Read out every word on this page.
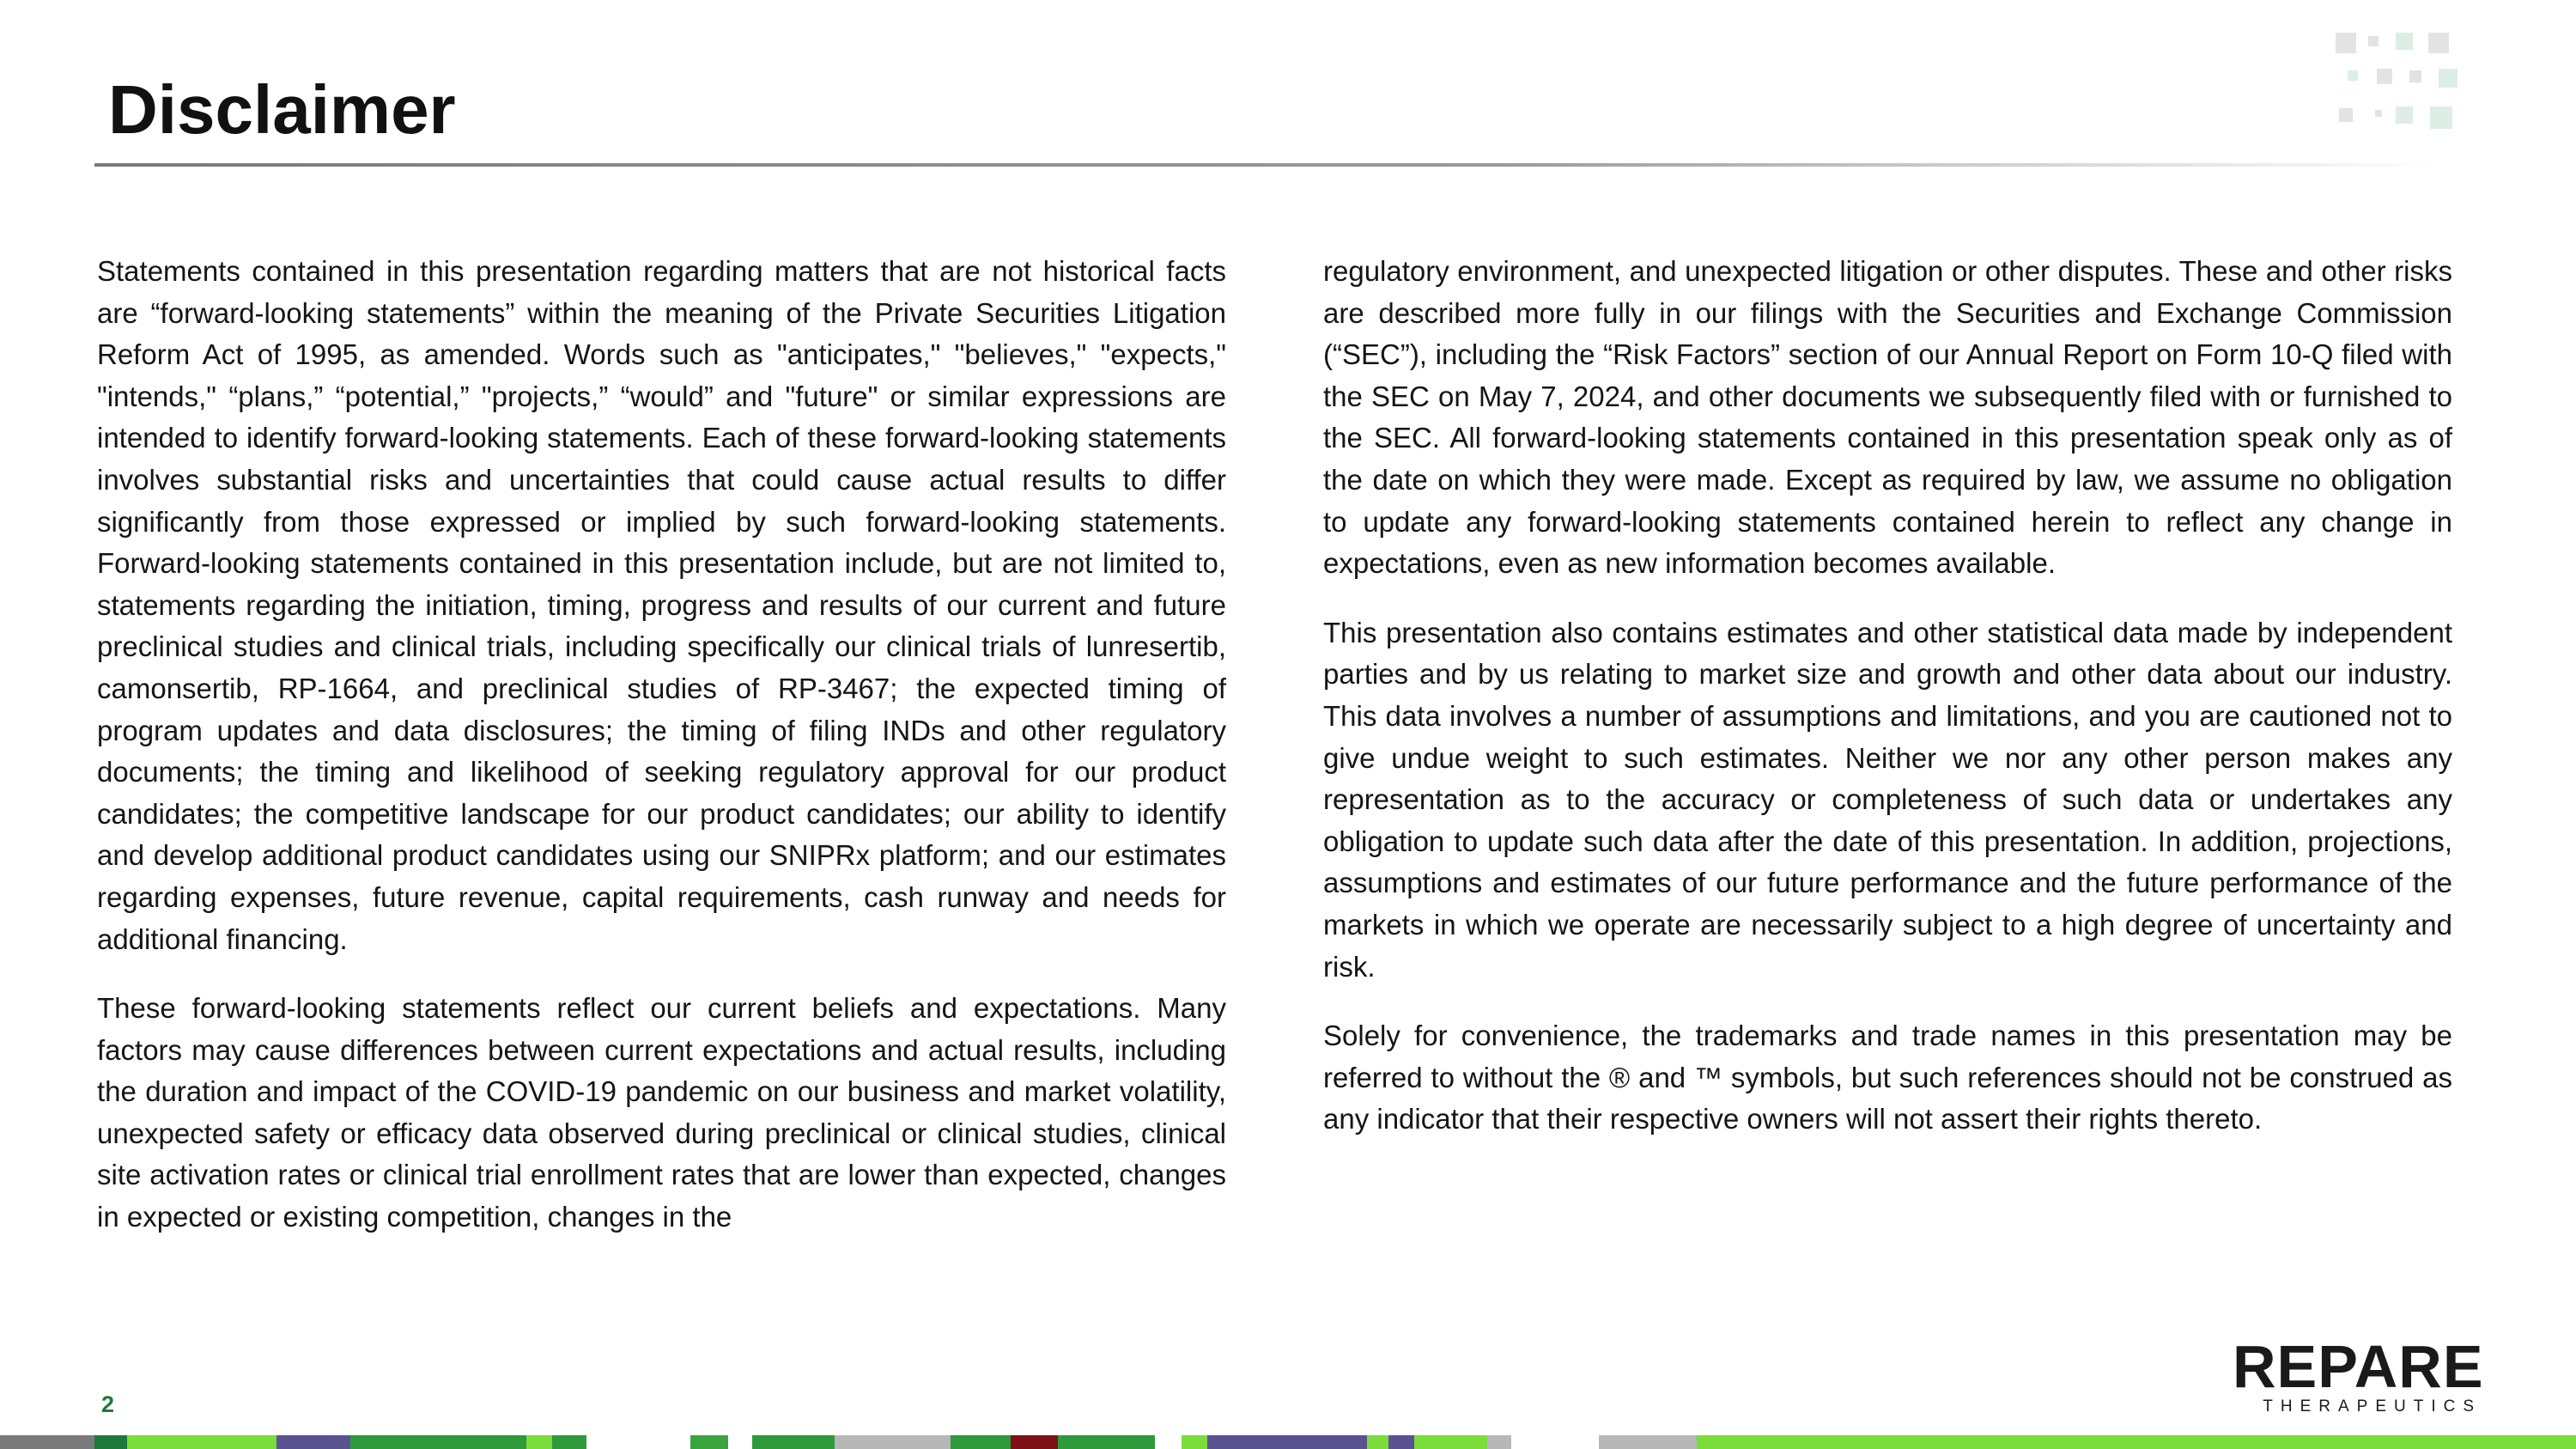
Disclaimer

Statements contained in this presentation regarding matters that are not historical facts are “forward-looking statements” within the meaning of the Private Securities Litigation Reform Act of 1995, as amended. Words such as "anticipates," "believes," "expects," "intends," “plans,” “potential,” "projects,” “would” and "future" or similar expressions are intended to identify forward-looking statements. Each of these forward-looking statements involves substantial risks and uncertainties that could cause actual results to differ significantly from those expressed or implied by such forward-looking statements. Forward-looking statements contained in this presentation include, but are not limited to, statements regarding the initiation, timing, progress and results of our current and future preclinical studies and clinical trials, including specifically our clinical trials of lunresertib, camonsertib, RP-1664, and preclinical studies of RP-3467; the expected timing of program updates and data disclosures; the timing of filing INDs and other regulatory documents; the timing and likelihood of seeking regulatory approval for our product candidates; the competitive landscape for our product candidates; our ability to identify and develop additional product candidates using our SNIPRx platform; and our estimates regarding expenses, future revenue, capital requirements, cash runway and needs for additional financing.

These forward-looking statements reflect our current beliefs and expectations. Many factors may cause differences between current expectations and actual results, including the duration and impact of the COVID-19 pandemic on our business and market volatility, unexpected safety or efficacy data observed during preclinical or clinical studies, clinical site activation rates or clinical trial enrollment rates that are lower than expected, changes in expected or existing competition, changes in the

regulatory environment, and unexpected litigation or other disputes. These and other risks are described more fully in our filings with the Securities and Exchange Commission (“SEC”), including the “Risk Factors” section of our Annual Report on Form 10-Q filed with the SEC on May 7, 2024, and other documents we subsequently filed with or furnished to the SEC. All forward-looking statements contained in this presentation speak only as of the date on which they were made. Except as required by law, we assume no obligation to update any forward-looking statements contained herein to reflect any change in expectations, even as new information becomes available.

This presentation also contains estimates and other statistical data made by independent parties and by us relating to market size and growth and other data about our industry. This data involves a number of assumptions and limitations, and you are cautioned not to give undue weight to such estimates. Neither we nor any other person makes any representation as to the accuracy or completeness of such data or undertakes any obligation to update such data after the date of this presentation. In addition, projections, assumptions and estimates of our future performance and the future performance of the markets in which we operate are necessarily subject to a high degree of uncertainty and risk.

Solely for convenience, the trademarks and trade names in this presentation may be referred to without the ® and ™ symbols, but such references should not be construed as any indicator that their respective owners will not assert their rights thereto.

2
REPARE
THERAPEUTICS
